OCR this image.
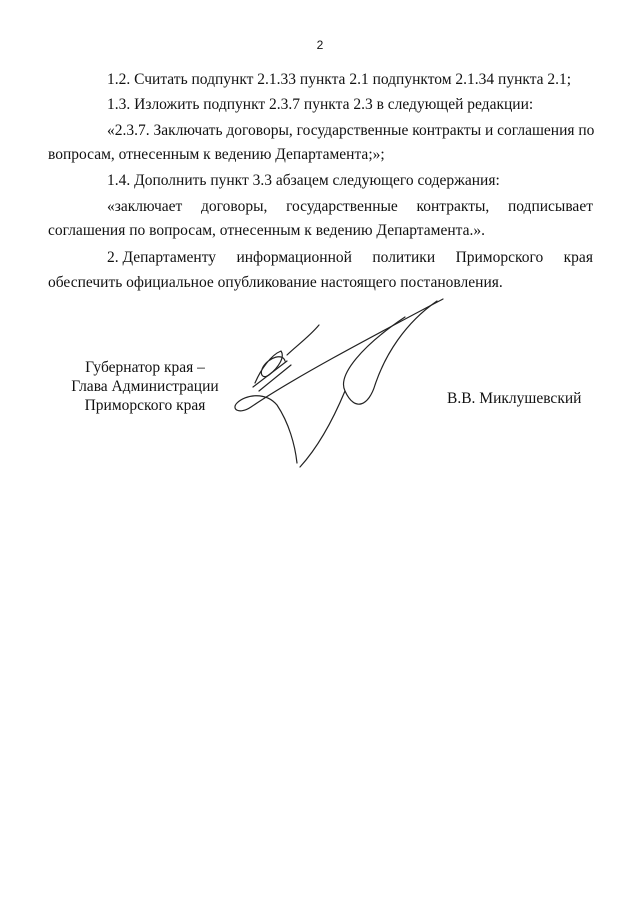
2
1.2. Считать подпункт 2.1.33 пункта 2.1 подпунктом 2.1.34 пункта 2.1;
1.3. Изложить подпункт 2.3.7 пункта 2.3 в следующей редакции:
«2.3.7. Заключать договоры, государственные контракты и соглашения по
вопросам, отнесенным к ведению Департамента;»;
1.4. Дополнить пункт 3.3 абзацем следующего содержания:
«заключает договоры, государственные контракты, подписывает
соглашения по вопросам, отнесенным к ведению Департамента.».
2. Департаменту информационной политики Приморского края
обеспечить официальное опубликование настоящего постановления.
Губернатор края –
Глава Администрации
Приморского края	В.В. Миклушевский
